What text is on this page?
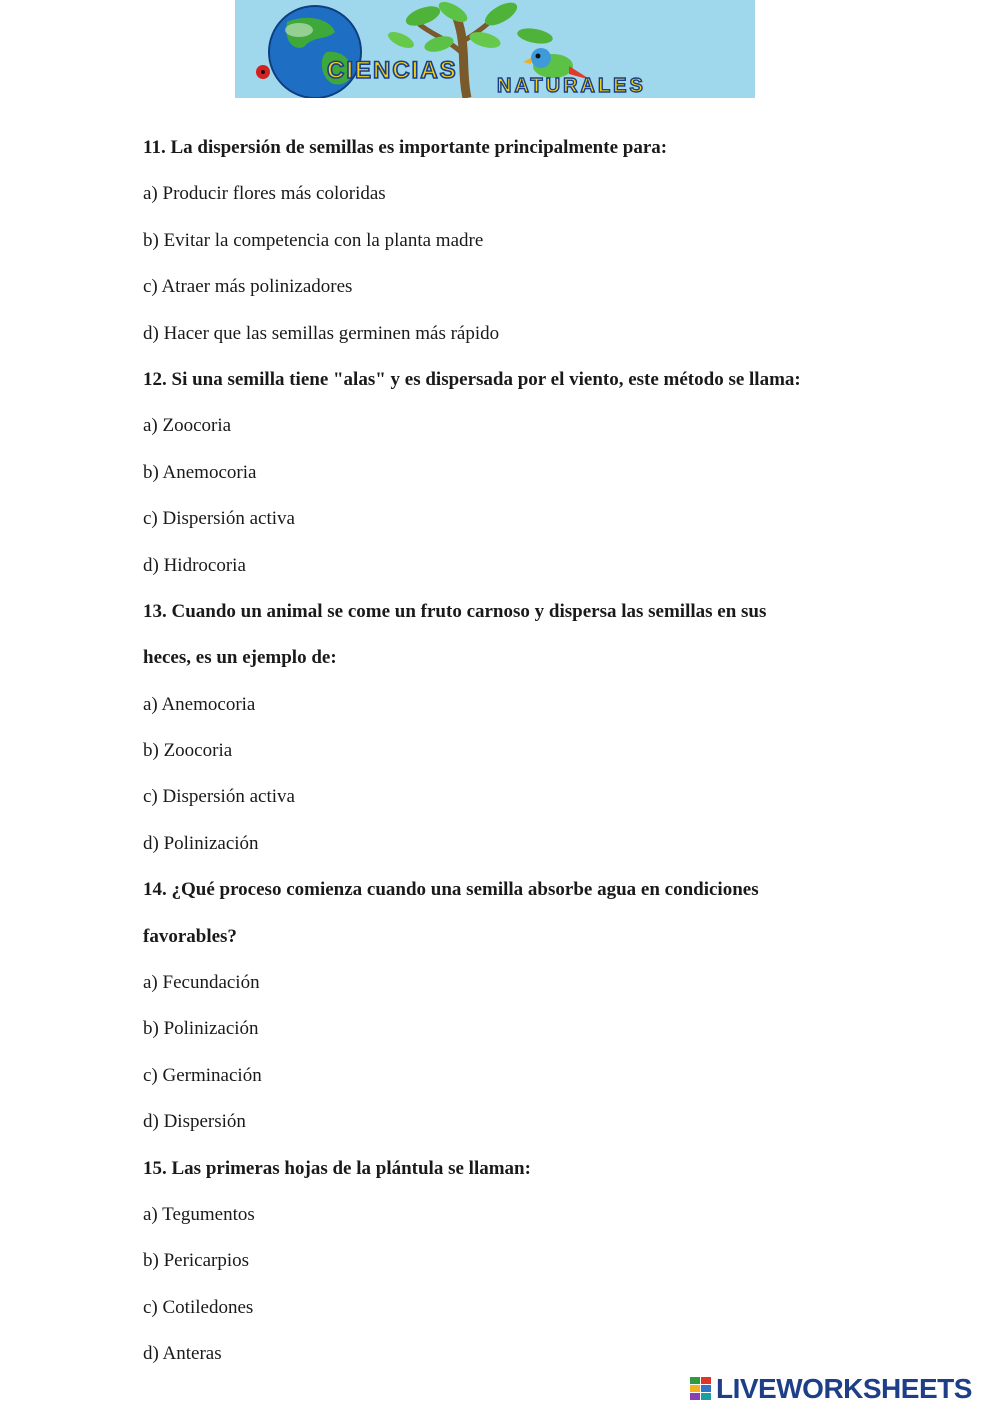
CIENCIAS
NATURALES
11. La dispersión de semillas es importante principalmente para:
a) Producir flores más coloridas
b) Evitar la competencia con la planta madre
c) Atraer más polinizadores
d) Hacer que las semillas germinen más rápido
12. Si una semilla tiene "alas" y es dispersada por el viento, este método se llama:
a) Zoocoria
b) Anemocoria
c) Dispersión activa
d) Hidrocoria
13. Cuando un animal se come un fruto carnoso y dispersa las semillas en sus
heces, es un ejemplo de:
a) Anemocoria
b) Zoocoria
c) Dispersión activa
d) Polinización
14. ¿Qué proceso comienza cuando una semilla absorbe agua en condiciones
favorables?
a) Fecundación
b) Polinización
c) Germinación
d) Dispersión
15. Las primeras hojas de la plántula se llaman:
a) Tegumentos
b) Pericarpios
c) Cotiledones
d) Anteras
LIVEWORKSHEETS
